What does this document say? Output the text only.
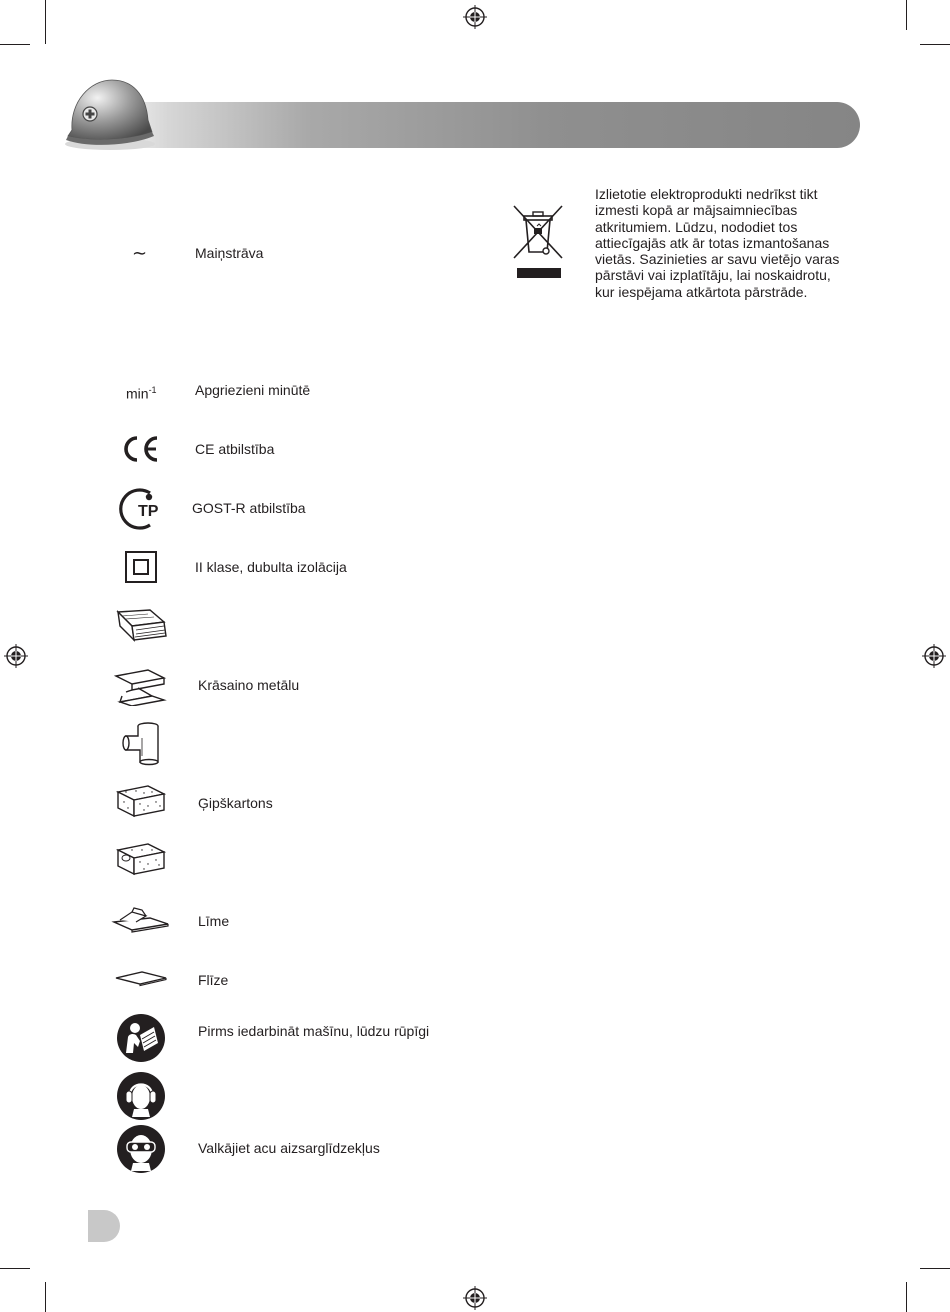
∼	Maiņstrāva
$\min^{-1}$	Apgriezieni minūtē
CE atbilstība
TP GOST-R atbilstība
II klase, dubulta izolācija
Krāsaino metālu
Ģipškartons
Līme
Flīze
Pirms iedarbināt mašīnu, lūdzu rūpīgi
Valkājiet acu aizsarglīdzekļus
Izlietotie elektroprodukti nedrīkst tikt
izmesti kopā ar mājsaimniecības
atkritumiem. Lūdzu, nododiet tos
attiecīgajās atk ār totas izmantošanas
vietās. Sazinieties ar savu vietējo varas
pārstāvi vai izplatītāju, lai noskaidrotu,
kur iespējama atkārtota pārstrāde.
